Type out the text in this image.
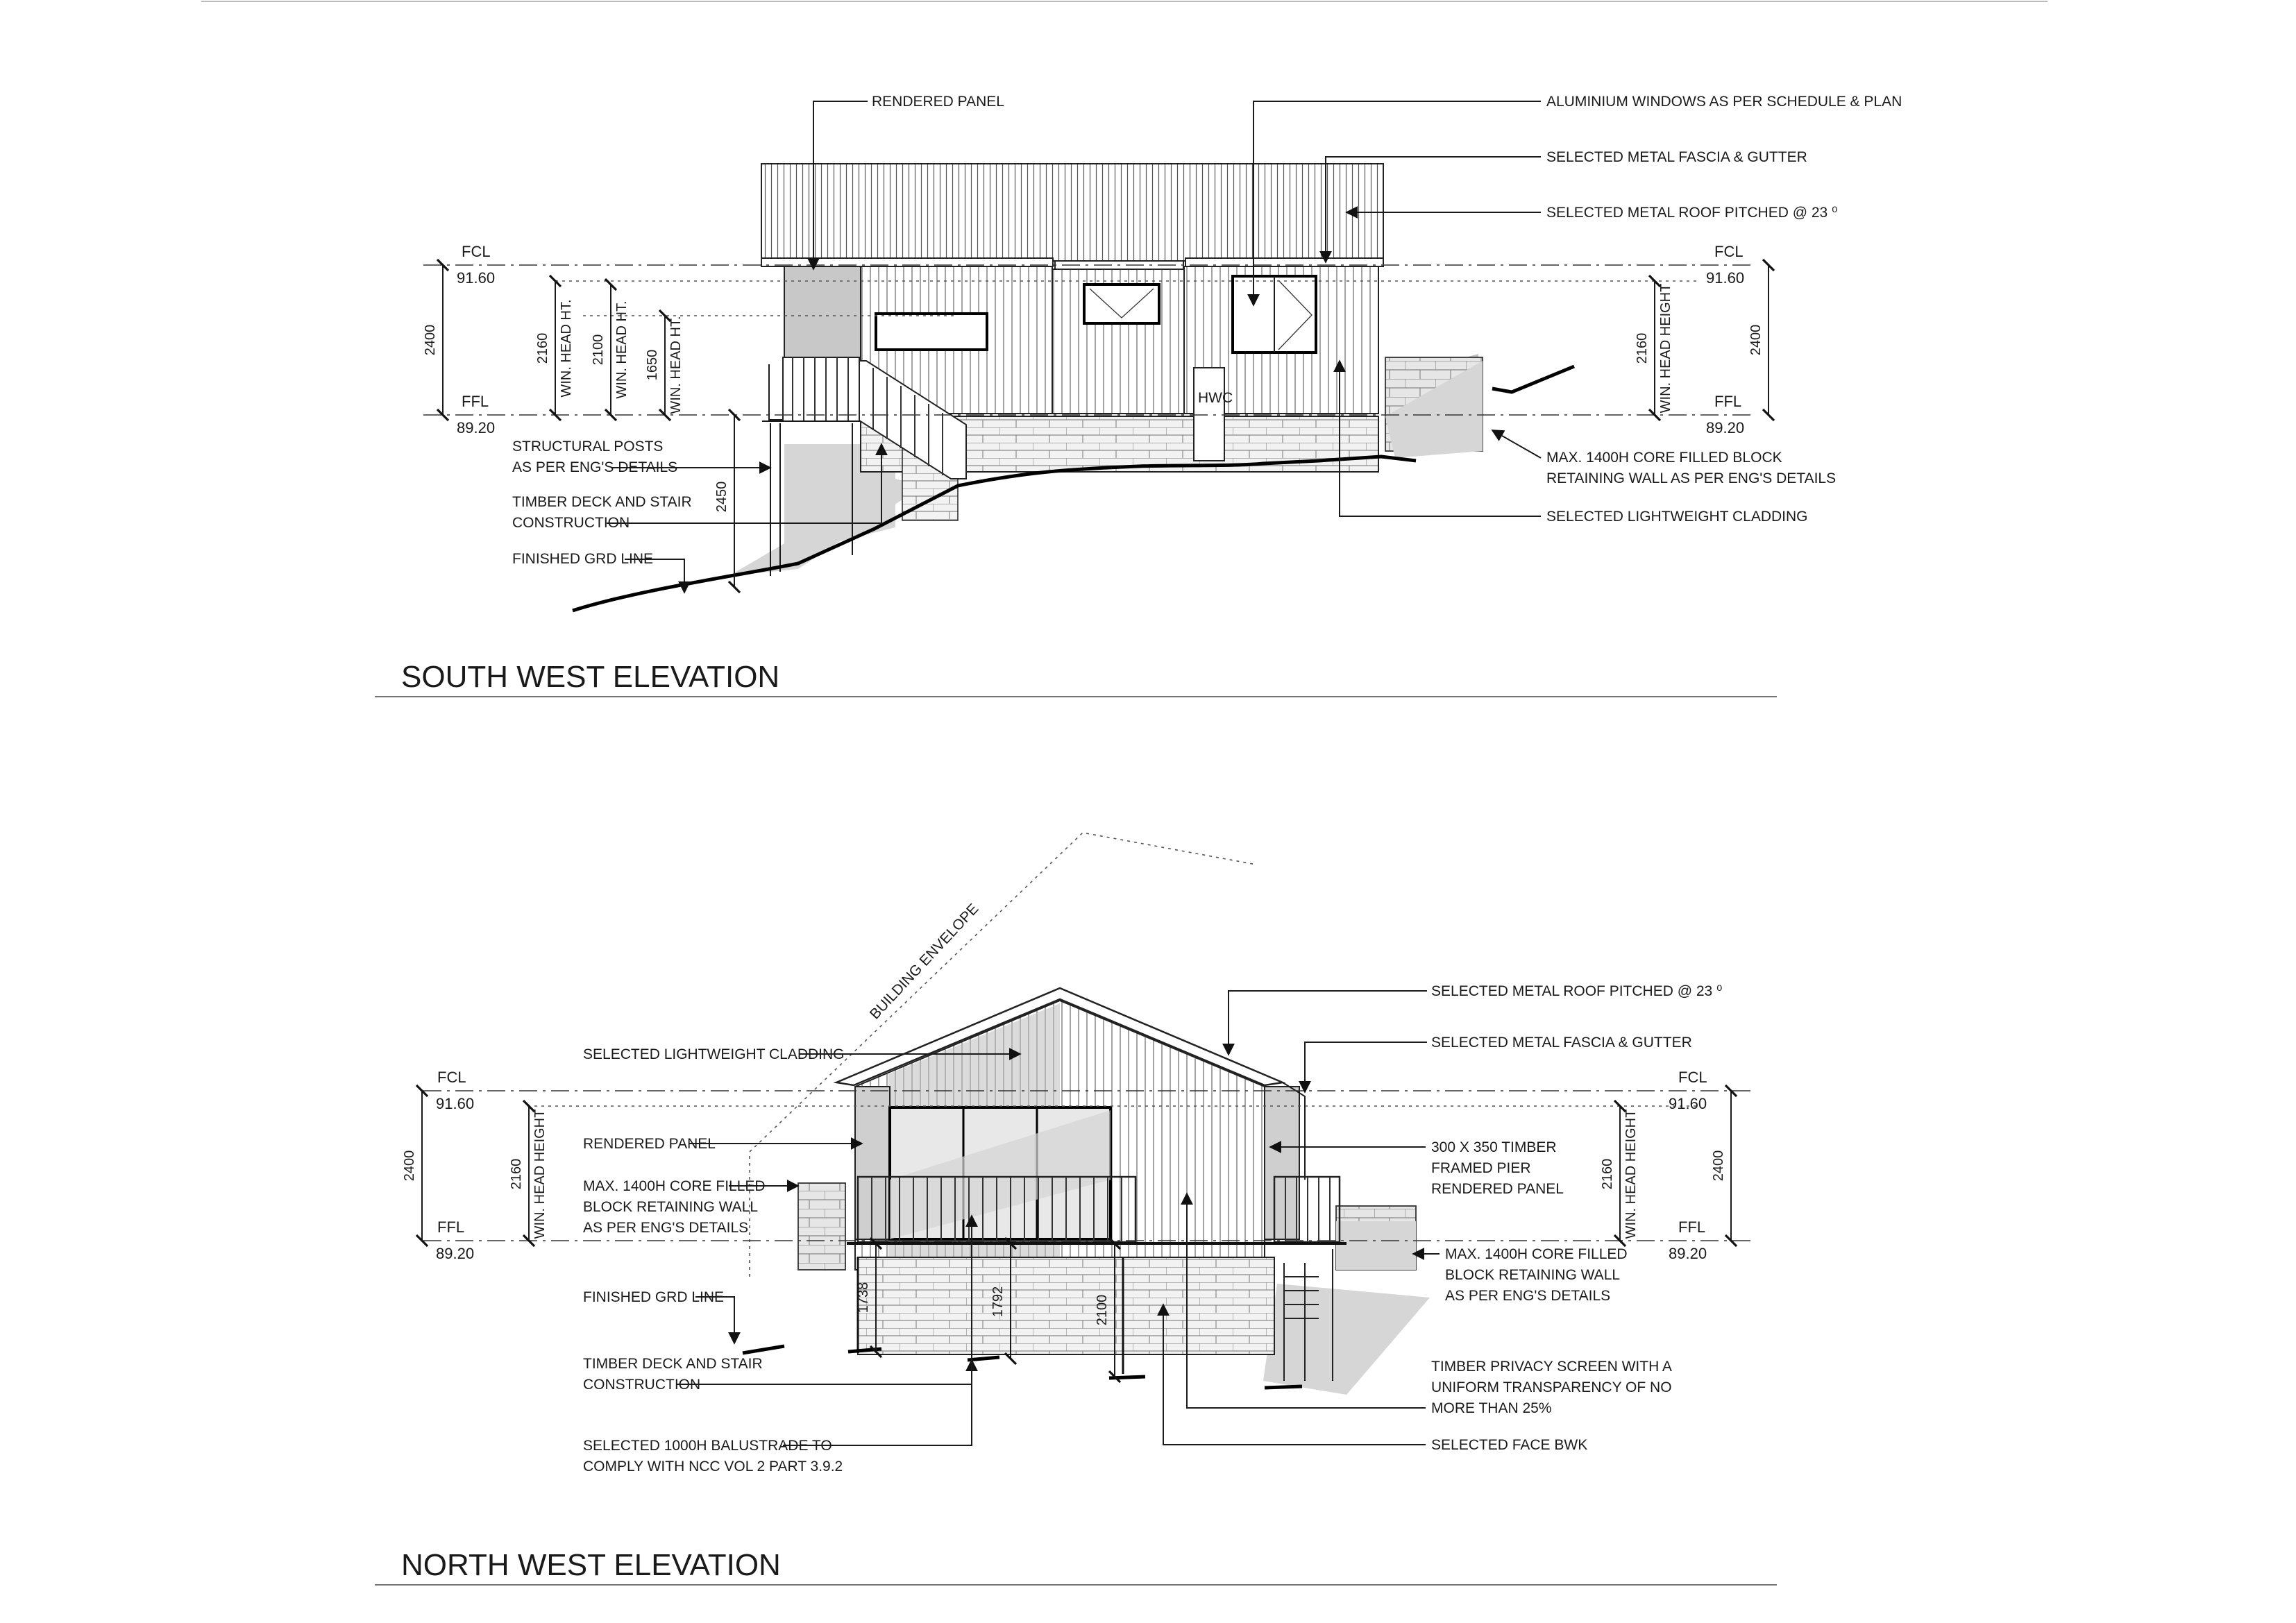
HWC
FCL
91.60
FFL
89.20
FCL
91.60
FFL
89.20
2400	2160 WIN. HEAD HT. 2100 WIN. HEAD HT. 1650 WIN. HEAD HT.
2450
2160 WIN. HEAD HEIGHT	2400
RENDERED PANEL
STRUCTURAL POSTS
AS PER ENG'S DETAILS
TIMBER DECK AND STAIR
CONSTRUCTION
FINISHED GRD LINE
ALUMINIUM WINDOWS AS PER SCHEDULE & PLAN
SELECTED METAL FASCIA & GUTTER
SELECTED METAL ROOF PITCHED @ 23 ⁰
MAX. 1400H CORE FILLED BLOCK
RETAINING WALL AS PER ENG'S DETAILS
SELECTED LIGHTWEIGHT CLADDING
SOUTH WEST ELEVATION
BUILDING ENVELOPE
FCL
91.60
FFL
89.20
FCL
91.60
FFL
89.20
2400	2160 WIN. HEAD HEIGHT
1738	1792	2100
2160 WIN. HEAD HEIGHT	2400
SELECTED LIGHTWEIGHT CLADDING
RENDERED PANEL
MAX. 1400H CORE FILLED
BLOCK RETAINING WALL
AS PER ENG'S DETAILS
FINISHED GRD LINE
TIMBER DECK AND STAIR
CONSTRUCTION
SELECTED 1000H BALUSTRADE TO
COMPLY WITH NCC VOL 2 PART 3.9.2
SELECTED METAL ROOF PITCHED @ 23 ⁰
SELECTED METAL FASCIA & GUTTER
300 X 350 TIMBER
FRAMED PIER
RENDERED PANEL
MAX. 1400H CORE FILLED
BLOCK RETAINING WALL
AS PER ENG'S DETAILS
TIMBER PRIVACY SCREEN WITH A
UNIFORM TRANSPARENCY OF NO
MORE THAN 25%
SELECTED FACE BWK
NORTH WEST ELEVATION
